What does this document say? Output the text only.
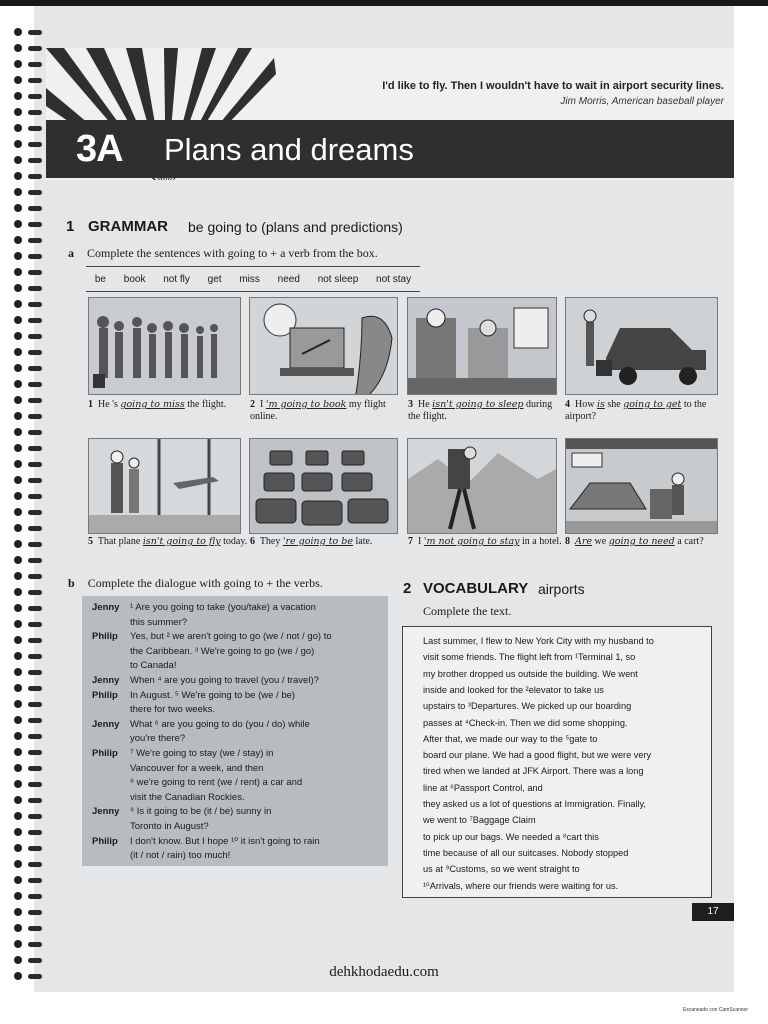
I'd like to fly. Then I wouldn't have to wait in airport security lines.
Jim Morris, American baseball player
3A Plans and dreams
1 GRAMMAR be going to (plans and predictions)
a Complete the sentences with going to + a verb from the box.
be book not fly get miss need not sleep not stay
1 He 's going to miss the flight.	2 I 'm going to book my flight online.
3 He isn't going to sleep during the flight.
4 How is she going to get to the airport?
5 That plane isn't going to fly today. 6 They 're going to be late.	7 I 'm not going to stay in a hotel. 8 Are we going to need a cart?
b Complete the dialogue with going to + the verbs.
Jenny ¹ Are you going to take (you/take) a vacation
this summer?
Philip Yes, but ² we aren't going to go (we / not / go) to
the Caribbean. ³ We're going to go (we / go)
to Canada!
Jenny When ⁴ are you going to travel (you / travel)?
Philip In August. ⁵ We're going to be (we / be)
there for two weeks.
Jenny What ⁶ are you going to do (you / do) while
you're there?
Philip ⁷ We're going to stay (we / stay) in
Vancouver for a week, and then
⁸ we're going to rent (we / rent) a car and
visit the Canadian Rockies.
Jenny ⁹ Is it going to be (it / be) sunny in
Toronto in August?
Philip I don't know. But I hope ¹⁰ it isn't going to rain
(it / not / rain) too much!
2 VOCABULARY airports
Complete the text.
Last summer, I flew to New York City with my husband to
visit some friends. The flight left from ¹Terminal 1, so
my brother dropped us outside the building. We went
inside and looked for the ²elevator to take us
upstairs to ³Departures. We picked up our boarding
passes at ⁴Check-in. Then we did some shopping.
After that, we made our way to the ⁵gate to
board our plane. We had a good flight, but we were very
tired when we landed at JFK Airport. There was a long
line at ⁶Passport Control, and
they asked us a lot of questions at Immigration. Finally,
we went to ⁷Baggage Claim
to pick up our bags. We needed a ⁸cart this
time because of all our suitcases. Nobody stopped
us at ⁹Customs, so we went straight to
¹⁰Arrivals, where our friends were waiting for us.
17
dehkhodaedu.com
Escaneado con CamScanner
